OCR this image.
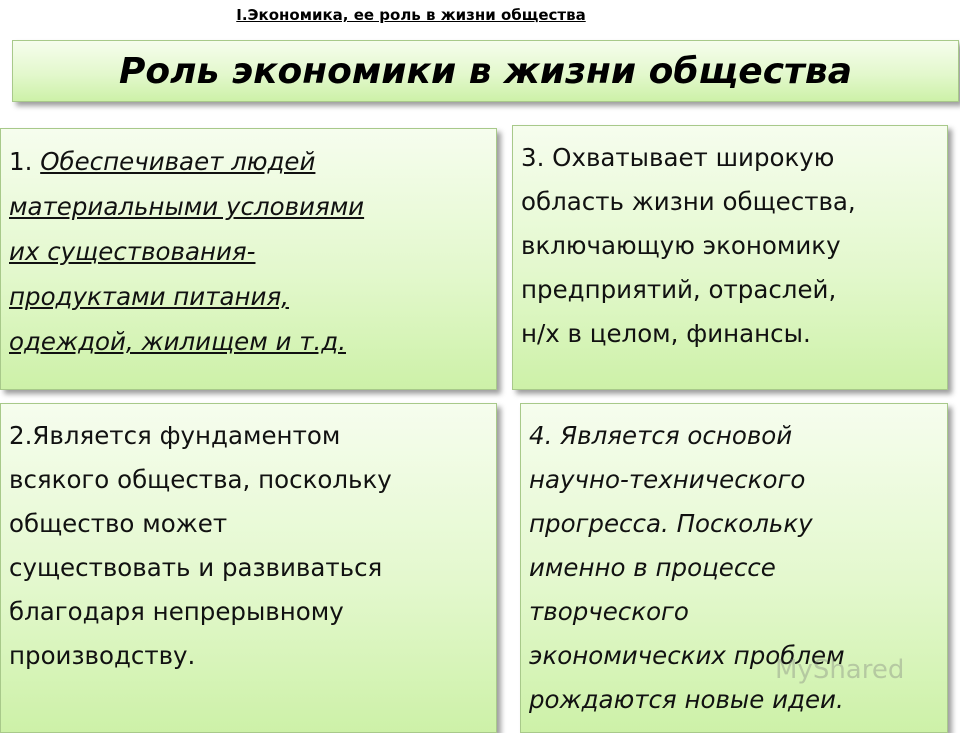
I.Экономика, ее роль в жизни общества
Роль экономики в жизни общества
1. Обеспечивает людей
материальными условиями
их существования-
продуктами питания,
одеждой, жилищем и т.д.
2.Является фундаментом
всякого общества, поскольку
общество может
существовать и развиваться
благодаря непрерывному
производству.
3. Охватывает широкую
область жизни общества,
включающую экономику
предприятий, отраслей,
н/х в целом, финансы.
4. Является основой
научно-технического
прогресса. Поскольку
именно в процессе
творческого
экономических проблем
рождаются новые идеи.
MyShared
